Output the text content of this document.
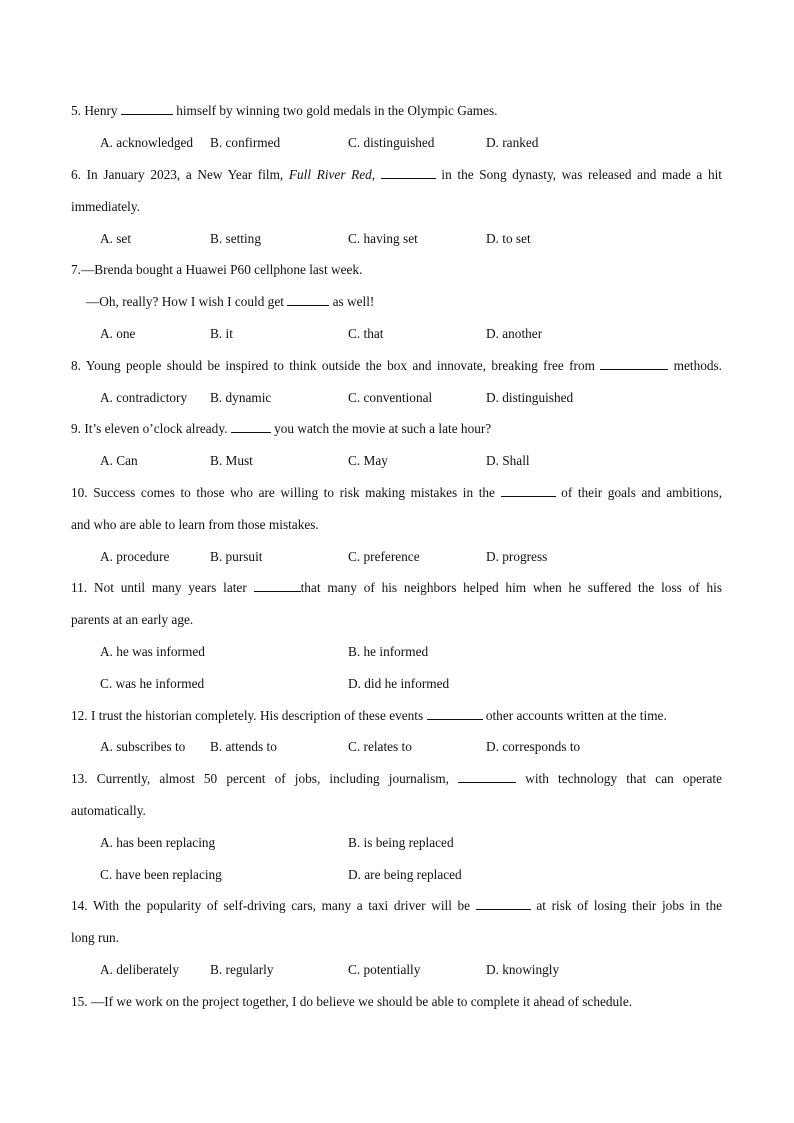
5. Henry	himself by winning two gold medals in the Olympic Games.
A. acknowledged B. confirmed	C. distinguished	D. ranked
6. In January 2023, a New Year film, Full River Red,	in the Song dynasty, was released and made a hit
immediately.
A. set	B. setting	C. having set	D. to set
7.—Brenda bought a Huawei P60 cellphone last week.
—Oh, really? How I wish I could get	as well!
A. one	B. it	C. that	D. another
8. Young people should be inspired to think outside the box and innovate, breaking free from	methods.
A. contradictory B. dynamic	C. conventional	D. distinguished
9. It’s eleven o’clock already.	you watch the movie at such a late hour?
A. Can	B. Must	C. May	D. Shall
10. Success comes to those who are willing to risk making mistakes in the	of their goals and ambitions,
and who are able to learn from those mistakes.
A. procedure	B. pursuit	C. preference	D. progress
11. Not until many years later	that many of his neighbors helped him when he suffered the loss of his
parents at an early age.
A. he was informed	B. he informed
C. was he informed	D. did he informed
12. I trust the historian completely. His description of these events	other accounts written at the time.
A. subscribes to B. attends to	C. relates to	D. corresponds to
13. Currently, almost 50 percent of jobs, including journalism,	with technology that can operate
automatically.
A. has been replacing	B. is being replaced
C. have been replacing	D. are being replaced
14. With the popularity of self-driving cars, many a taxi driver will be	at risk of losing their jobs in the
long run.
A. deliberately B. regularly	C. potentially	D. knowingly
15. —If we work on the project together, I do believe we should be able to complete it ahead of schedule.
